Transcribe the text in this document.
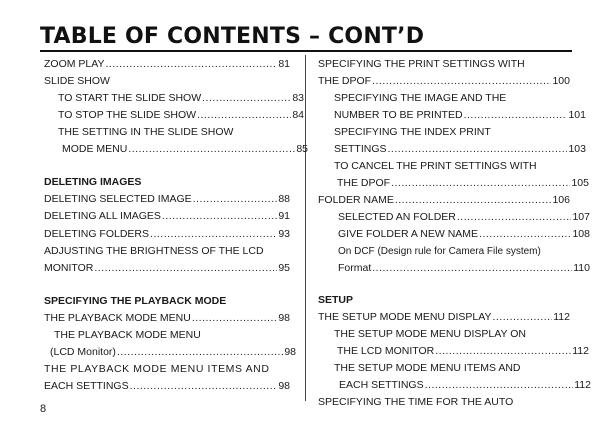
TABLE OF CONTENTS – CONT’D
ZOOM PLAY .....	81
SLIDE SHOW
TO START THE SLIDE SHOW .....	83
TO STOP THE SLIDE SHOW .....	84
THE SETTING IN THE SLIDE SHOW
MODE MENU .....	85
DELETING IMAGES
DELETING SELECTED IMAGE .....	88
DELETING ALL IMAGES .....	91
DELETING FOLDERS .....	93
ADJUSTING THE BRIGHTNESS OF THE LCD
MONITOR .....	95
SPECIFYING THE PLAYBACK MODE
THE PLAYBACK MODE MENU .....	98
THE PLAYBACK MODE MENU
(LCD Monitor) .....	98
THE PLAYBACK MODE MENU ITEMS AND
EACH SETTINGS .....	98
SPECIFYING THE PRINT SETTINGS WITH
THE DPOF .....	100
SPECIFYING THE IMAGE AND THE
NUMBER TO BE PRINTED .....	101
SPECIFYING THE INDEX PRINT
SETTINGS .....	103
TO CANCEL THE PRINT SETTINGS WITH
THE DPOF .....	105
FOLDER NAME .....	106
SELECTED AN FOLDER .....	107
GIVE FOLDER A NEW NAME .....	108
On DCF (Design rule for Camera File system)
Format .....	110
SETUP
THE SETUP MODE MENU DISPLAY .....	112
THE SETUP MODE MENU DISPLAY ON
THE LCD MONITOR .....	112
THE SETUP MODE MENU ITEMS AND
EACH SETTINGS .....	112
SPECIFYING THE TIME FOR THE AUTO

8
